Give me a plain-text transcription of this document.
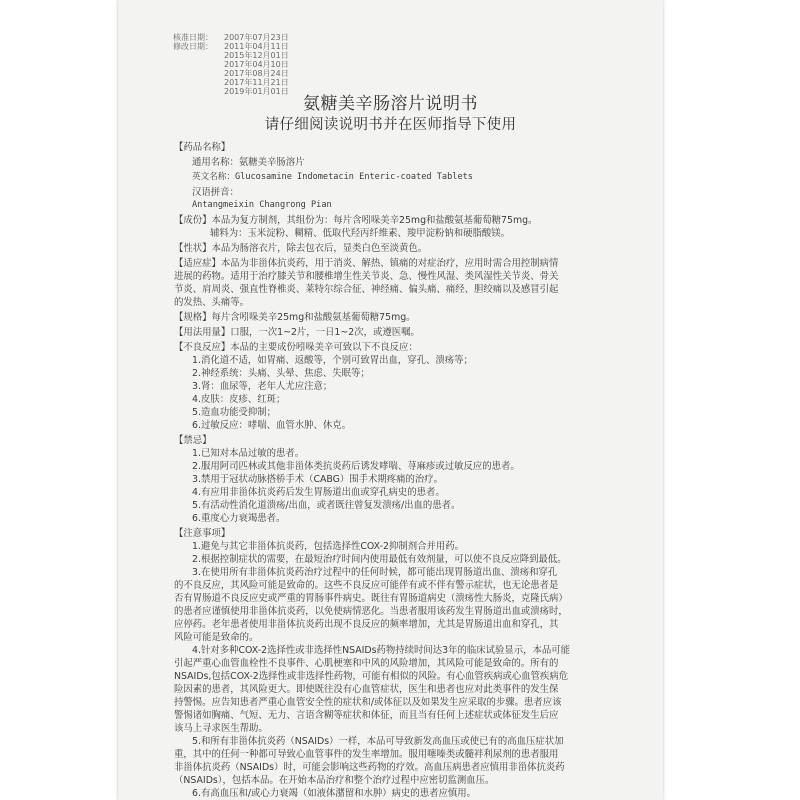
核准日期：	2007年07月23日
修改日期：	2011年04月11日
2015年12月01日
2017年04月10日
2017年08月24日
2017年11月21日
2019年01月01日
氨糖美辛肠溶片说明书
请仔细阅读说明书并在医师指导下使用
【药品名称】
通用名称：氨糖美辛肠溶片
英文名称：Glucosamine Indometacin Enteric-coated Tablets
汉语拼音：
Antangmeixin Changrong Pian
【成份】本品为复方制剂，其组份为：每片含吲哚美辛25mg和盐酸氨基葡萄糖75mg。
辅料为：玉米淀粉、糊精、低取代羟丙纤维素、羧甲淀粉钠和硬脂酸镁。
【性状】本品为肠溶衣片，除去包衣后，显类白色至淡黄色。
【适应症】本品为非甾体抗炎药，用于消炎、解热、镇痛的对症治疗，应用时需合用控制病情
进展的药物。适用于治疗膝关节和腰椎增生性关节炎、急、慢性风湿、类风湿性关节炎、骨关
节炎、肩周炎、强直性脊椎炎、莱特尔综合征、神经痛、偏头痛、痛经、胆绞痛以及感冒引起
的发热、头痛等。
【规格】每片含吲哚美辛25mg和盐酸氨基葡萄糖75mg。
【用法用量】口服，一次1~2片，一日1~2次，或遵医嘱。
【不良反应】本品的主要成份吲哚美辛可致以下不良反应：
1.消化道不适，如胃痛、返酸等，个别可致胃出血，穿孔、溃疡等；
2.神经系统：头痛、头晕、焦虑、失眠等；
3.肾：血尿等，老年人尤应注意；
4.皮肤：皮疹、红斑；
5.造血功能受抑制；
6.过敏反应：哮喘、血管水肿、休克。
【禁忌】
1.已知对本品过敏的患者。
2.服用阿司匹林或其他非甾体类抗炎药后诱发哮喘、荨麻疹或过敏反应的患者。
3.禁用于冠状动脉搭桥手术（CABG）围手术期疼痛的治疗。
4.有应用非甾体抗炎药后发生胃肠道出血或穿孔病史的患者。
5.有活动性消化道溃疡/出血，或者既往曾复发溃疡/出血的患者。
6.重度心力衰竭患者。
【注意事项】
1.避免与其它非甾体抗炎药，包括选择性COX-2抑制剂合并用药。
2.根据控制症状的需要，在最短治疗时间内使用最低有效剂量，可以使不良反应降到最低。
3.在使用所有非甾体抗炎药治疗过程中的任何时候，都可能出现胃肠道出血、溃疡和穿孔
的不良反应，其风险可能是致命的。这些不良反应可能伴有或不伴有警示症状，也无论患者是
否有胃肠道不良反应史或严重的胃肠事件病史。既往有胃肠道病史（溃疡性大肠炎，克隆氏病）
的患者应谨慎使用非甾体抗炎药，以免使病情恶化。当患者服用该药发生胃肠道出血或溃疡时，
应停药。老年患者使用非甾体抗炎药出现不良反应的频率增加，尤其是胃肠道出血和穿孔，其
风险可能是致命的。
4.针对多种COX-2选择性或非选择性NSAIDs药物持续时间达3年的临床试验显示，本品可能
引起严重心血管血栓性不良事件、心肌梗塞和中风的风险增加，其风险可能是致命的。所有的
NSAIDs,包括COX-2选择性或非选择性药物，可能有相似的风险。有心血管疾病或心血管疾病危
险因素的患者，其风险更大。即使既往没有心血管症状，医生和患者也应对此类事件的发生保
持警惕。应告知患者严重心血管安全性的症状和/或体征以及如果发生应采取的步骤。患者应该
警惕诸如胸痛、气短、无力、言语含糊等症状和体征，而且当有任何上述症状或体征发生后应
该马上寻求医生帮助。
5.和所有非甾体抗炎药（NSAIDs）一样，本品可导致新发高血压或使已有的高血压症状加
重，其中的任何一种都可导致心血管事件的发生率增加。服用噻嗪类或髓袢利尿剂的患者服用
非甾体抗炎药（NSAIDs）时，可能会影响这些药物的疗效。高血压病患者应慎用非甾体抗炎药
（NSAIDs），包括本品。在开始本品治疗和整个治疗过程中应密切监测血压。
6.有高血压和/或心力衰竭（如液体潴留和水肿）病史的患者应慎用。
